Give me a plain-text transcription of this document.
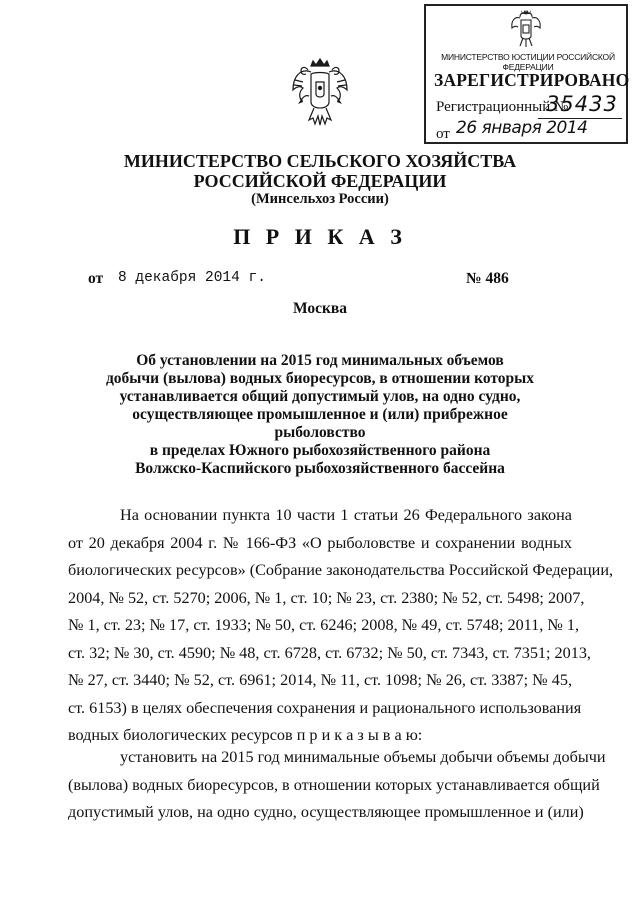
МИНИСТЕРСТВО ЮСТИЦИИ РОССИЙСКОЙ ФЕДЕРАЦИИ
ЗАРЕГИСТРИРОВАНО
Регистрационный №
35433
от 26 января 2014
МИНИСТЕРСТВО СЕЛЬСКОГО ХОЗЯЙСТВА
РОССИЙСКОЙ ФЕДЕРАЦИИ
(Минсельхоз России)
П Р И К А З
от 8 декабря 2014 г.	№ 486
Москва
Об установлении на 2015 год минимальных объемов
добычи (вылова) водных биоресурсов, в отношении которых
устанавливается общий допустимый улов, на одно судно,
осуществляющее промышленное и (или) прибрежное рыболовство
в пределах Южного рыбохозяйственного района
Волжско-Каспийского рыбохозяйственного бассейна
На основании пункта 10 части 1 статьи 26 Федерального закона
от 20 декабря 2004 г. № 166-ФЗ «О рыболовстве и сохранении водных
биологических ресурсов» (Собрание законодательства Российской Федерации,
2004, № 52, ст. 5270; 2006, № 1, ст. 10; № 23, ст. 2380; № 52, ст. 5498; 2007,
№ 1, ст. 23; № 17, ст. 1933; № 50, ст. 6246; 2008, № 49, ст. 5748; 2011, № 1,
ст. 32; № 30, ст. 4590; № 48, ст. 6728, ст. 6732; № 50, ст. 7343, ст. 7351; 2013,
№ 27, ст. 3440; № 52, ст. 6961; 2014, № 11, ст. 1098; № 26, ст. 3387; № 45,
ст. 6153) в целях обеспечения сохранения и рационального использования
водных биологических ресурсов п р и к а з ы в а ю:
установить на 2015 год минимальные объемы добычи объемы добычи
(вылова) водных биоресурсов, в отношении которых устанавливается общий
допустимый улов, на одно судно, осуществляющее промышленное и (или)
